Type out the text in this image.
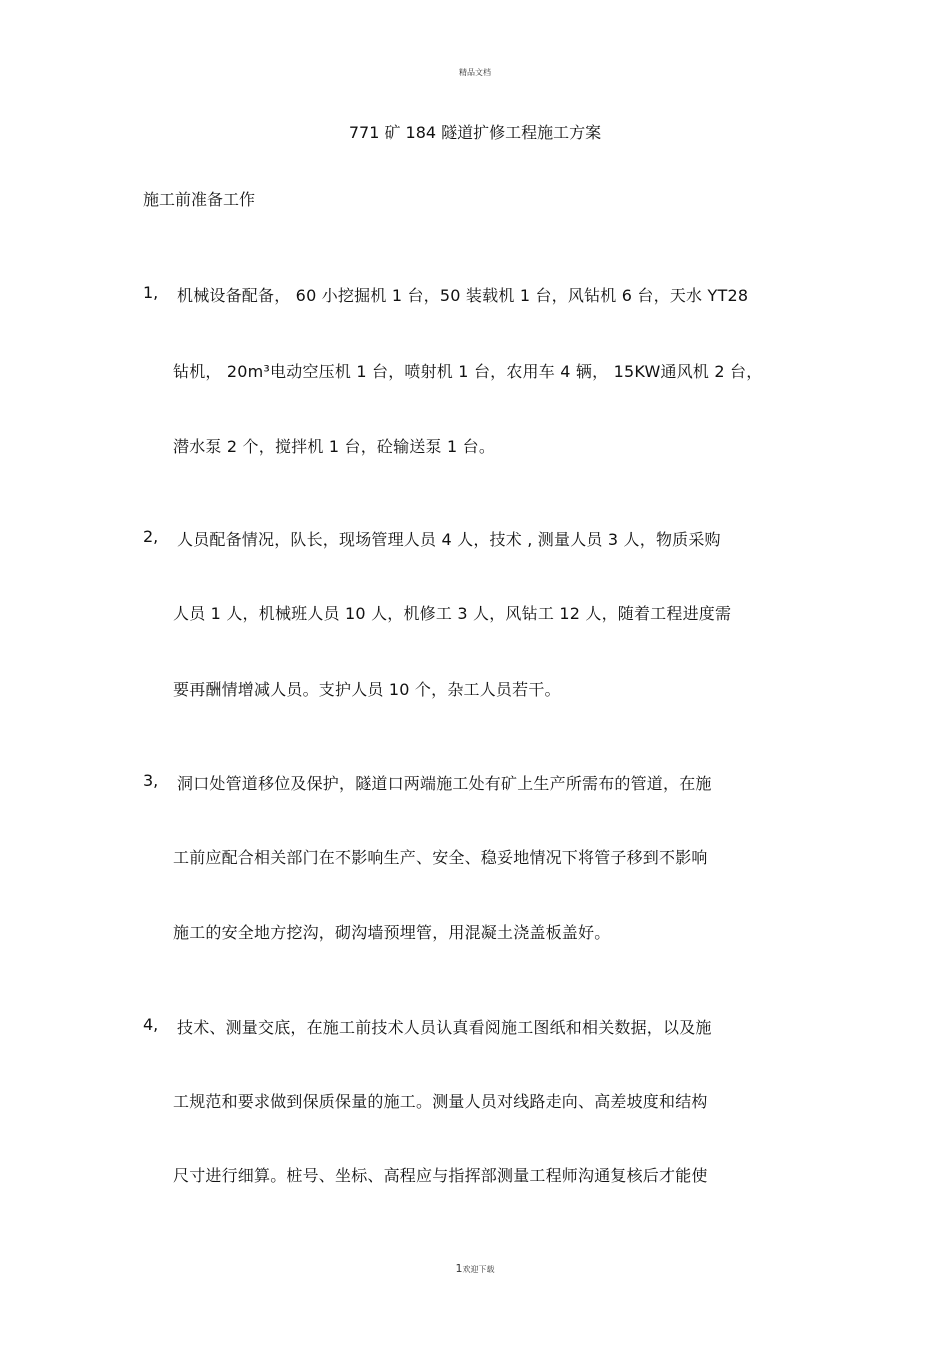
精品文档
771 矿 184 隧道扩修工程施工方案
施工前准备工作
1, 机械设备配备， 60 小挖掘机 1 台，50 装载机 1 台，风钻机 6 台，天水 YT28
钻机， 20m³电动空压机 1 台，喷射机 1 台，农用车 4 辆， 15KW通风机 2 台，
潜水泵 2 个，搅拌机 1 台，砼输送泵 1 台。
2, 人员配备情况，队长，现场管理人员 4 人，技术 , 测量人员 3 人，物质采购
人员 1 人，机械班人员 10 人，机修工 3 人，风钻工 12 人，随着工程进度需
要再酬情增减人员。支护人员 10 个，杂工人员若干。
3, 洞口处管道移位及保护，隧道口两端施工处有矿上生产所需布的管道，在施
工前应配合相关部门在不影响生产、安全、稳妥地情况下将管子移到不影响
施工的安全地方挖沟，砌沟墙预埋管，用混凝土浇盖板盖好。
4, 技术、测量交底，在施工前技术人员认真看阅施工图纸和相关数据，以及施
工规范和要求做到保质保量的施工。测量人员对线路走向、高差坡度和结构
尺寸进行细算。桩号、坐标、高程应与指挥部测量工程师沟通复核后才能使
1欢迎下载
